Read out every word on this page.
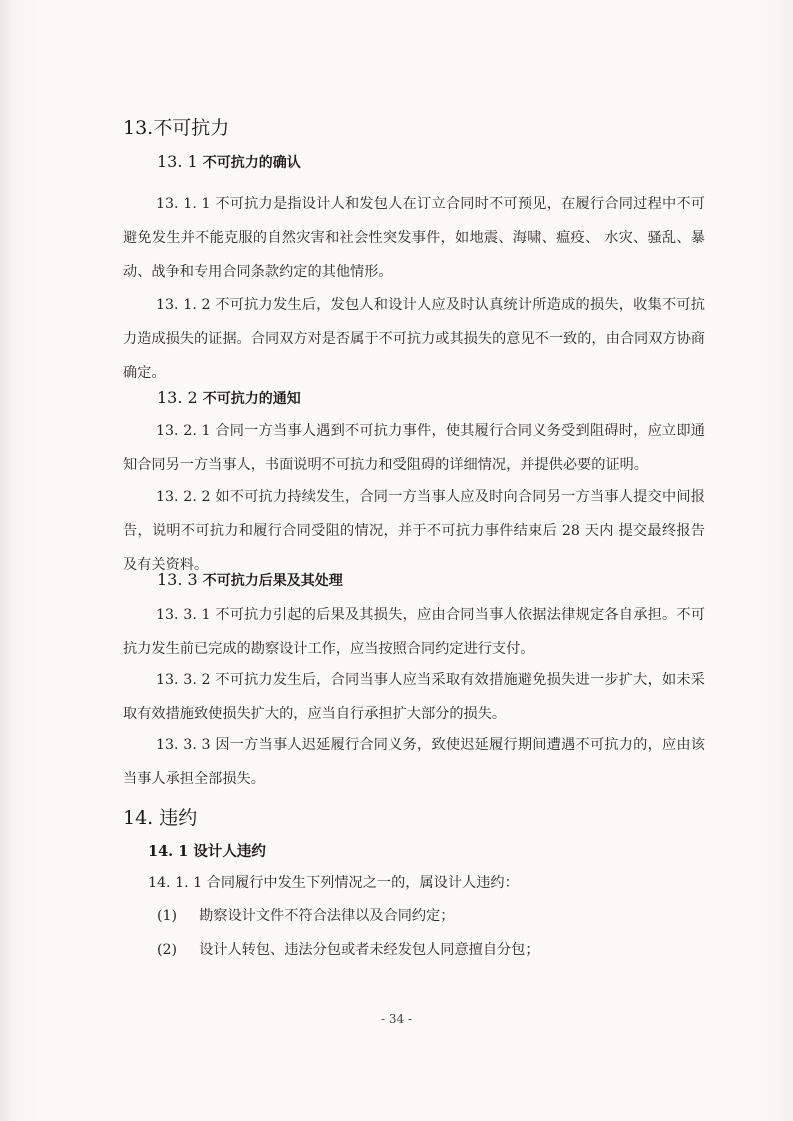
13.不可抗力
13. 1 不可抗力的确认
13. 1. 1 不可抗力是指设计人和发包人在订立合同时不可预见，在履行合同过程中不可避免发生并不能克服的自然灾害和社会性突发事件，如地震、海啸、瘟疫、 水灾、骚乱、暴动、战争和专用合同条款约定的其他情形。
13. 1. 2 不可抗力发生后，发包人和设计人应及时认真统计所造成的损失，收集不可抗力造成损失的证据。合同双方对是否属于不可抗力或其损失的意见不一致的，由合同双方协商确定。
13. 2 不可抗力的通知
13. 2. 1 合同一方当事人遇到不可抗力事件，使其履行合同义务受到阻碍时，应立即通知合同另一方当事人，书面说明不可抗力和受阻碍的详细情况，并提供必要的证明。
13. 2. 2 如不可抗力持续发生，合同一方当事人应及时向合同另一方当事人提交中间报告，说明不可抗力和履行合同受阻的情况，并于不可抗力事件结束后 28 天内 提交最终报告及有关资料。
13. 3 不可抗力后果及其处理
13. 3. 1 不可抗力引起的后果及其损失，应由合同当事人依据法律规定各自承担。不可抗力发生前已完成的勘察设计工作，应当按照合同约定进行支付。
13. 3. 2 不可抗力发生后，合同当事人应当采取有效措施避免损失进一步扩大，如未采取有效措施致使损失扩大的，应当自行承担扩大部分的损失。
13. 3. 3 因一方当事人迟延履行合同义务，致使迟延履行期间遭遇不可抗力的，应由该当事人承担全部损失。
14. 违约
14. 1 设计人违约
14. 1. 1 合同履行中发生下列情况之一的，属设计人违约：
(1) 勘察设计文件不符合法律以及合同约定；
(2) 设计人转包、违法分包或者未经发包人同意擅自分包；
- 34 -
